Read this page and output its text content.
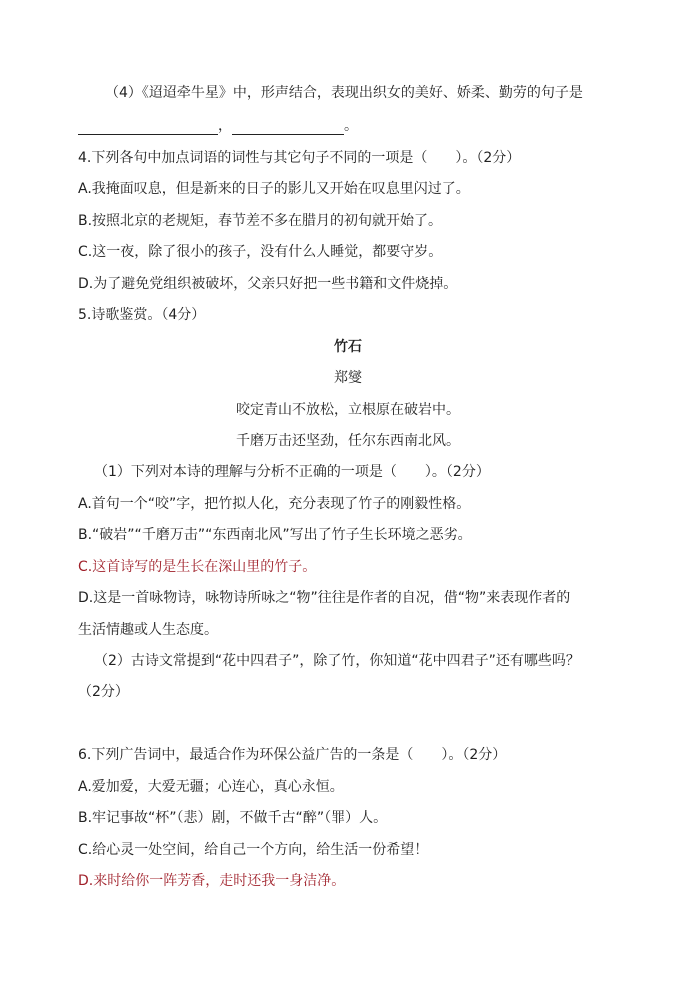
（4）《迢迢牵牛星》中，形声结合，表现出织女的美好、娇柔、勤劳的句子是
，	。
4.下列各句中加点词语的词性与其它句子不同的一项是（　　）。（2分）
A.我掩面叹息，但是新来的日子的影儿又开始在叹息里闪过了。
B.按照北京的老规矩，春节差不多在腊月的初旬就开始了。
C.这一夜，除了很小的孩子，没有什么人睡觉，都要守岁。
D.为了避免党组织被破坏，父亲只好把一些书籍和文件烧掉。
5.诗歌鉴赏。（4分）
竹石
郑燮
咬定青山不放松，立根原在破岩中。
千磨万击还坚劲，任尔东西南北风。
（1）下列对本诗的理解与分析不正确的一项是（　　）。（2分）
A.首句一个“咬”字，把竹拟人化，充分表现了竹子的刚毅性格。
B.“破岩”“千磨万击”“东西南北风”写出了竹子生长环境之恶劣。
C.这首诗写的是生长在深山里的竹子。
D.这是一首咏物诗，咏物诗所咏之“物”往往是作者的自况，借“物”来表现作者的
生活情趣或人生态度。
（2）古诗文常提到“花中四君子”，除了竹，你知道“花中四君子”还有哪些吗？
（2分）
6.下列广告词中，最适合作为环保公益广告的一条是（　　）。（2分）
A.爱加爱，大爱无疆；心连心，真心永恒。
B.牢记事故“杯”（悲）剧，不做千古“醉”（罪）人。
C.给心灵一处空间，给自己一个方向，给生活一份希望！
D.来时给你一阵芳香，走时还我一身洁净。
